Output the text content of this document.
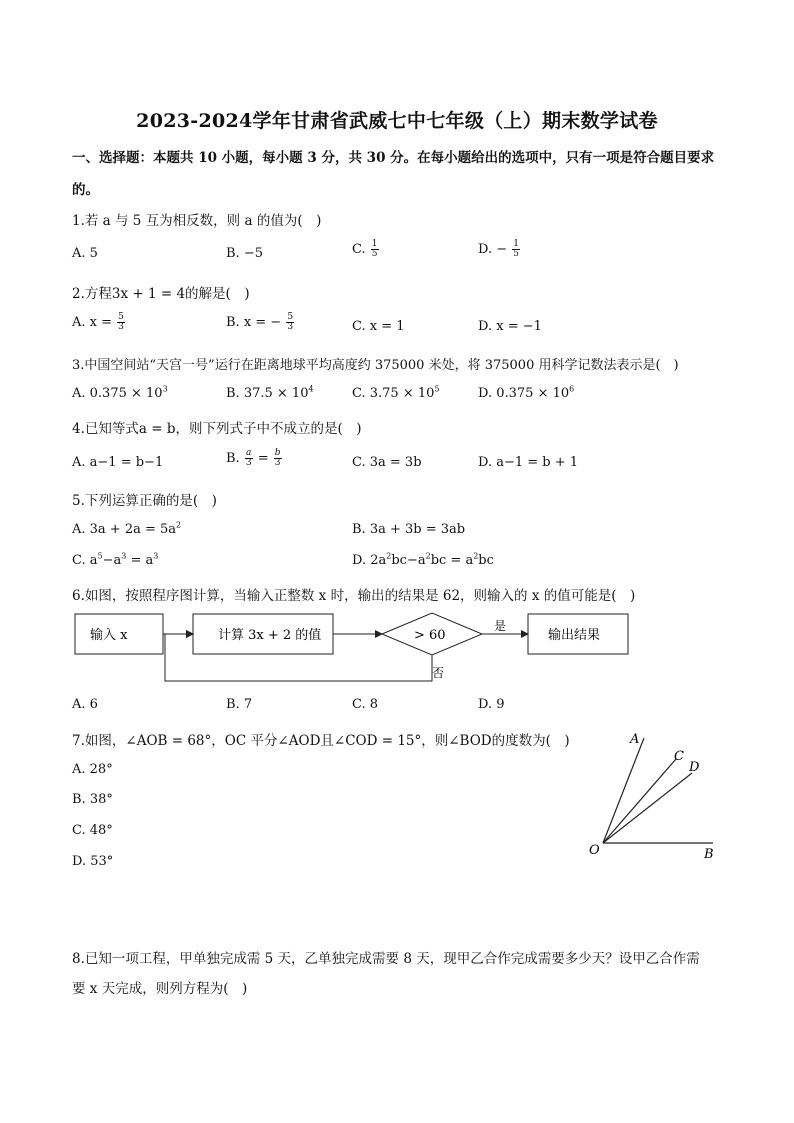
2023-2024学年甘肃省武威七中七年级（上）期末数学试卷
一、选择题：本题共 10 小题，每小题 3 分，共 30 分。在每小题给出的选项中，只有一项是符合题目要求
的。
1.若 a 与 5 互为相反数，则 a 的值为(　)
A. 5	B. −5	C. $\frac{1}{5}$	D. − $\frac{1}{5}$
2.方程3x + 1 = 4的解是(　)
A. $x = \frac{5}{3}$	B. x = − $\frac{5}{3}$	C. x = 1	D. x = −1
3.中国空间站“天宫一号”运行在距离地球平均高度约 375000 米处，将 375000 用科学记数法表示是(　)
A. $0.375 \times 10^3$	B. $37.5 \times 10^4$	C. $3.75 \times 10^5$	D. $0.375 \times 10^6$
4.已知等式a = b，则下列式子中不成立的是(　)
A. a−1 = b−1	B. $\frac{a}{3} = \frac{b}{3}$	C. 3a = 3b	D. a−1 = b + 1
5.下列运算正确的是(　)
A. $3a + 2a = 5a^2$	B. 3a + 3b = 3ab
C. $a^5-a^3 = a^3$	D. $2a^2bc-a^2bc = a^2bc$
6.如图，按照程序图计算，当输入正整数 x 时，输出的结果是 62，则输入的 x 的值可能是(　)
输入 x	计算 3x + 2 的值	> 60
是
否
输出结果
A. 6	B. 7	C. 8	D. 9
7.如图，∠AOB = 68°，OC 平分∠AOD且∠COD = 15°，则∠BOD的度数为(　)
A. 28°
B. 38°
C. 48°
D. 53°
A
C
D
O	B
8.已知一项工程，甲单独完成需 5 天，乙单独完成需要 8 天，现甲乙合作完成需要多少天？设甲乙合作需
要 x 天完成，则列方程为(　)
